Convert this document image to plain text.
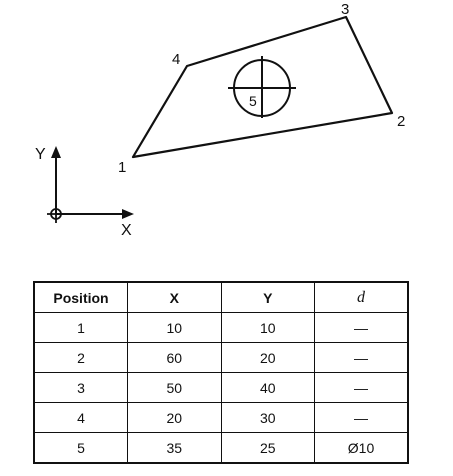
1
2
3
4
5
Y
X
Position	X	Y	d
1	10	10	—
2	60	20	—
3	50	40	—
4	20	30	—
5	35	25	Ø10
